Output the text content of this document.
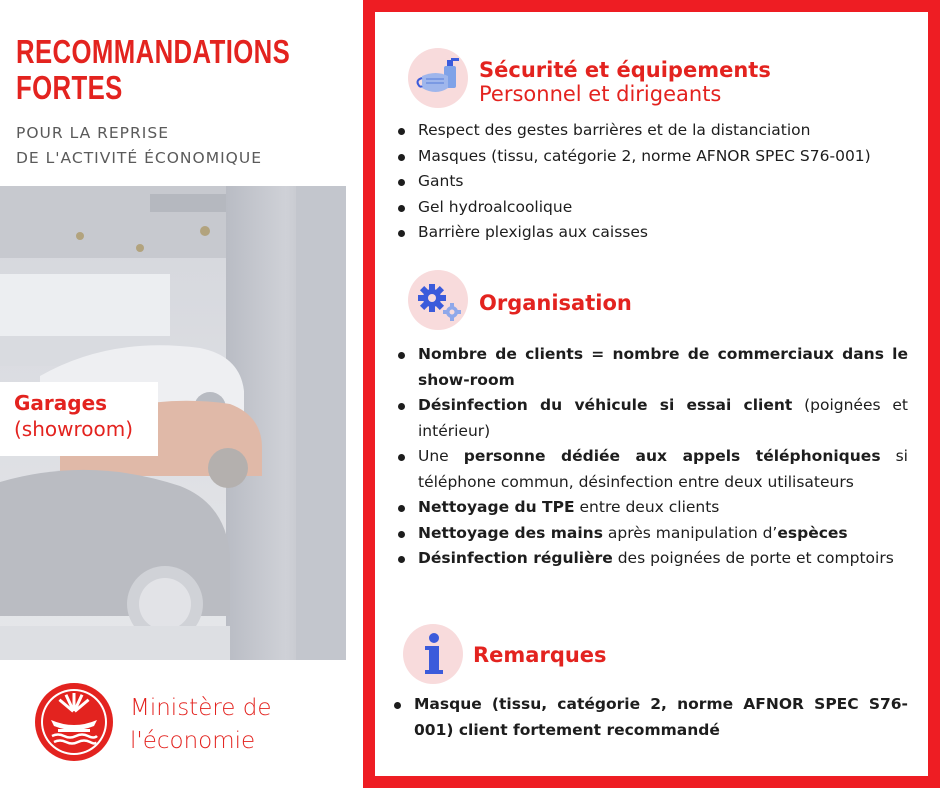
RECOMMANDATIONS
FORTES
POUR LA REPRISE
DE L'ACTIVITÉ ÉCONOMIQUE
Garages
(showroom)
Ministère de
l'économie
Sécurité et équipements
Personnel et dirigeants
Respect des gestes barrières et de la distanciation
Masques (tissu, catégorie 2, norme AFNOR SPEC S76-001)
Gants
Gel hydroalcoolique
Barrière plexiglas aux caisses
Organisation
Nombre de clients = nombre de commerciaux dans le show-room
Désinfection du véhicule si essai client (poignées et intérieur)
Une personne dédiée aux appels téléphoniques si téléphone commun, désinfection entre deux utilisateurs
Nettoyage du TPE entre deux clients
Nettoyage des mains après manipulation d’espèces
Désinfection régulière des poignées de porte et comptoirs
Remarques
Masque (tissu, catégorie 2, norme AFNOR SPEC S76-001) client fortement recommandé
